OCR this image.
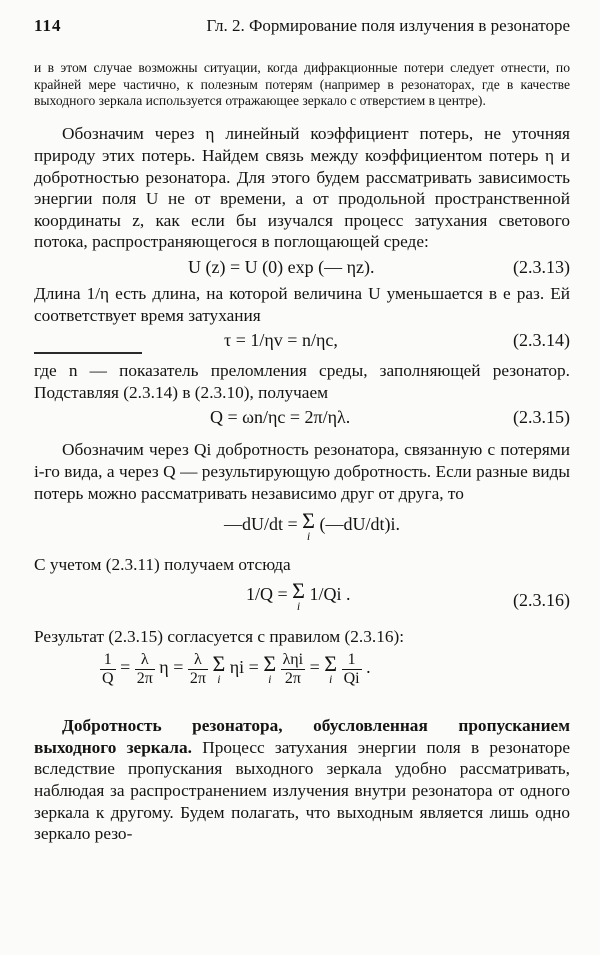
114	Гл. 2. Формирование поля излучения в резонаторе

и в этом случае возможны ситуации, когда дифракционные потери следует отнести, по крайней мере частично, к полезным потерям (например в резонаторах, где в качестве выходного зеркала используется отражающее зеркало с отверстием в центре).

Обозначим через η линейный коэффициент потерь, не уточняя природу этих потерь. Найдем связь между коэффициентом потерь η и добротностью резонатора. Для этого будем рассматривать зависимость энергии поля U не от времени, а от продольной пространственной координаты z, как если бы изучался процесс затухания светового потока, распространяющегося в поглощающей среде:

U (z) = U (0) exp (— ηz).	(2.3.13)

Длина 1/η есть длина, на которой величина U уменьшается в e раз. Ей соответствует время затухания

τ = 1/ηv = n/ηc,	(2.3.14)

где n — показатель преломления среды, заполняющей резонатор. Подставляя (2.3.14) в (2.3.10), получаем

Q = ωn/ηc = 2π/ηλ.	(2.3.15)

Обозначим через Qi добротность резонатора, связанную с потерями i-го вида, а через Q — результирующую добротность. Если разные виды потерь можно рассматривать независимо друг от друга, то

—dU/dt = Σ
i
(—dU/dt)i.

С учетом (2.3.11) получаем отсюда

1/Q = Σ
i
1/Qi .	(2.3.16)

Результат (2.3.15) согласуется с правилом (2.3.16):

$\frac{1}{Q} = \frac{\lambda}{2\pi}$ $\eta = \frac{\lambda}{2\pi}$
Σ
i
ηi = Σ
i
$\frac{\text{ληi}}{2\pi} = \Sigma$
i
$\frac{1}{Qi}$ .

Добротность резонатора, обусловленная пропусканием выходного зеркала. Процесс затухания энергии поля в резонаторе вследствие пропускания выходного зеркала удобно рассматривать, наблюдая за распространением излучения внутри резонатора от одного зеркала к другому. Будем полагать, что выходным является лишь одно зеркало резо-
